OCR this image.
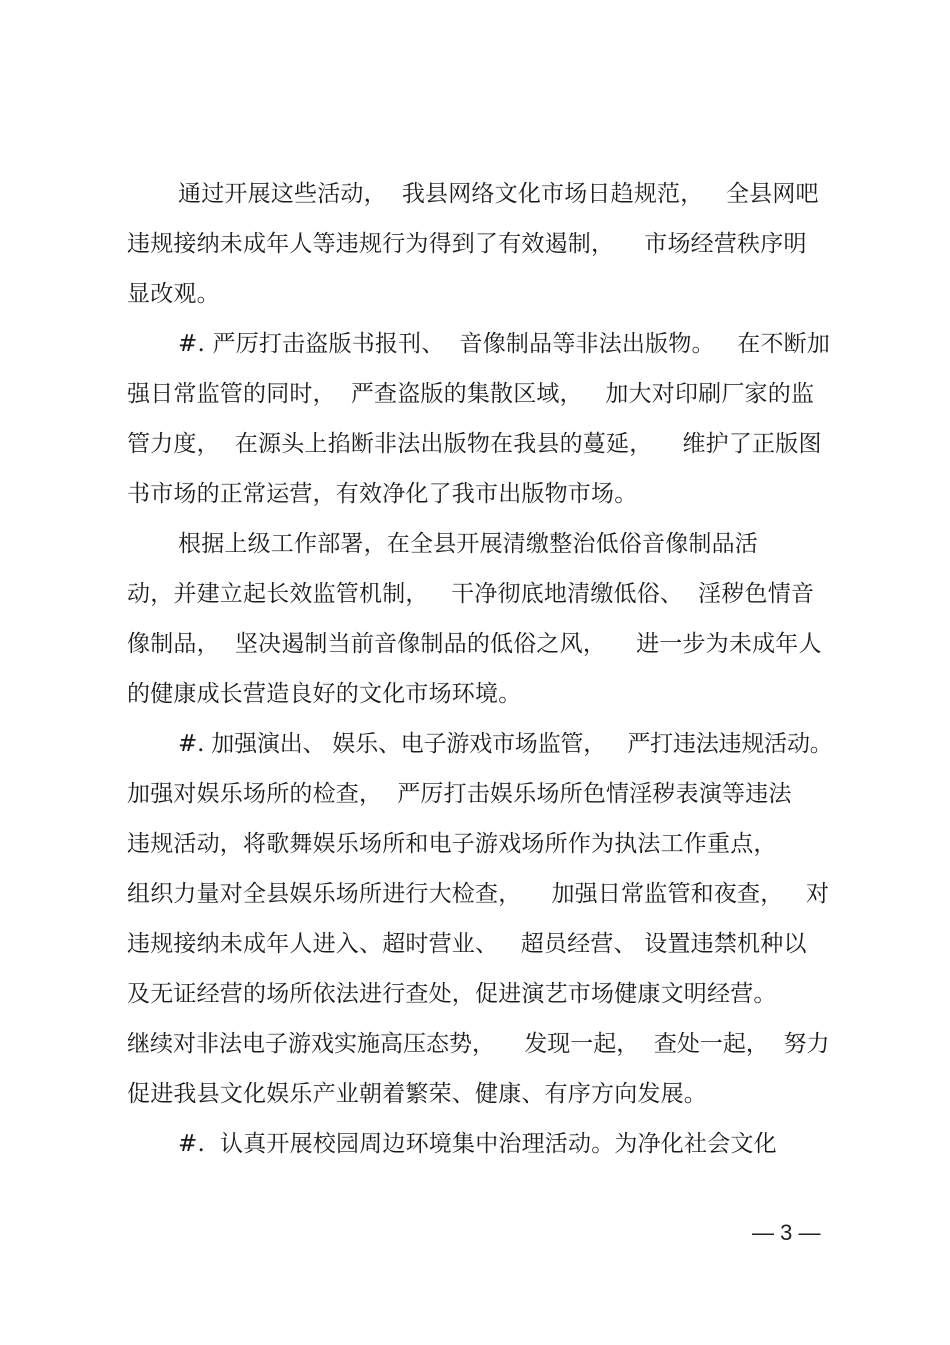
通过开展这些活动，  我县网络文化市场日趋规范，   全县网吧
违规接纳未成年人等违规行为得到了有效遏制，    市场经营秩序明
显改观。
#. 严厉打击盗版书报刊、  音像制品等非法出版物。   在不断加
强日常监管的同时，  严查盗版的集散区域，   加大对印刷厂家的监
管力度，  在源头上掐断非法出版物在我县的蔓延，    维护了正版图
书市场的正常运营，有效净化了我市出版物市场。
根据上级工作部署，在全县开展清缴整治低俗音像制品活
动，并建立起长效监管机制，   干净彻底地清缴低俗、  淫秽色情音
像制品，  坚决遏制当前音像制品的低俗之风，    进一步为未成年人
的健康成长营造良好的文化市场环境。
#. 加强演出、 娱乐、电子游戏市场监管，   严打违法违规活动。
加强对娱乐场所的检查，  严厉打击娱乐场所色情淫秽表演等违法
违规活动，将歌舞娱乐场所和电子游戏场所作为执法工作重点，
组织力量对全县娱乐场所进行大检查，    加强日常监管和夜查，   对
违规接纳未成年人进入、超时营业、   超员经营、 设置违禁机种以
及无证经营的场所依法进行查处，促进演艺市场健康文明经营。
继续对非法电子游戏实施高压态势，    发现一起，  查处一起，  努力
促进我县文化娱乐产业朝着繁荣、健康、有序方向发展。
#.  认真开展校园周边环境集中治理活动。为净化社会文化
— 3 —
